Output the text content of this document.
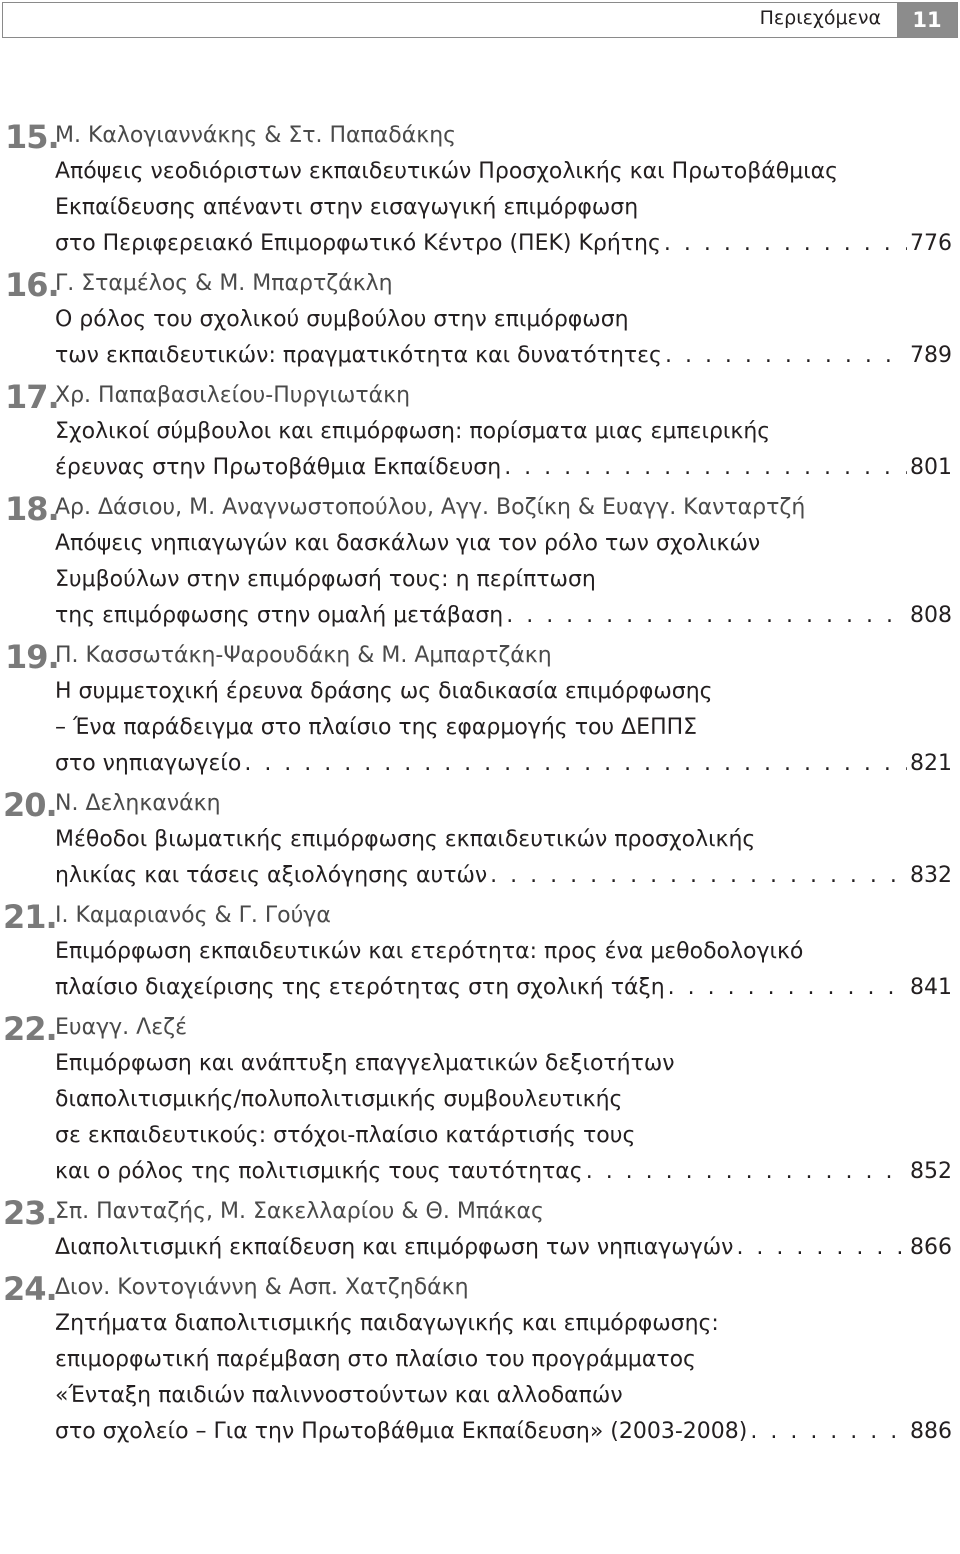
Περιεχόμενα	11
15.
Μ. Καλογιαννάκης & Στ. Παπαδάκης
Απόψεις νεοδιόριστων εκπαιδευτικών Προσχολικής και Πρωτοβάθμιας
Εκπαίδευσης απέναντι στην εισαγωγική επιμόρφωση
στο Περιφερειακό Επιμορφωτικό Κέντρο (ΠΕΚ) Κρήτης . . .	776
16.
Γ. Σταμέλος & Μ. Μπαρτζάκλη
Ο ρόλος του σχολικού συμβούλου στην επιμόρφωση
των εκπαιδευτικών: πραγματικότητα και δυνατότητες . . .	789
17.
Χρ. Παπαβασιλείου-Πυργιωτάκη
Σχολικοί σύμβουλοι και επιμόρφωση: πορίσματα μιας εμπειρικής
έρευνας στην Πρωτοβάθμια Εκπαίδευση . . .	801
18.
Αρ. Δάσιου, Μ. Αναγνωστοπούλου, Αγγ. Βοζίκη & Ευαγγ. Κανταρτζή
Απόψεις νηπιαγωγών και δασκάλων για τον ρόλο των σχολικών
Συμβούλων στην επιμόρφωσή τους: η περίπτωση
της επιμόρφωσης στην ομαλή μετάβαση . . .	808
19.
Π. Κασσωτάκη-Ψαρουδάκη & Μ. Αμπαρτζάκη
Η συμμετοχική έρευνα δράσης ως διαδικασία επιμόρφωσης
– Ένα παράδειγμα στο πλαίσιο της εφαρμογής του ΔΕΠΠΣ
στο νηπιαγωγείο . . .	821
20.
Ν. Δεληκανάκη
Μέθοδοι βιωματικής επιμόρφωσης εκπαιδευτικών προσχολικής
ηλικίας και τάσεις αξιολόγησης αυτών . . .	832
21.
Ι. Καμαριανός & Γ. Γούγα
Επιμόρφωση εκπαιδευτικών και ετερότητα: προς ένα μεθοδολογικό
πλαίσιο διαχείρισης της ετερότητας στη σχολική τάξη . . .	841
22.
Ευαγγ. Λεζέ
Επιμόρφωση και ανάπτυξη επαγγελματικών δεξιοτήτων
διαπολιτισμικής/πολυπολιτισμικής συμβουλευτικής
σε εκπαιδευτικούς: στόχοι-πλαίσιο κατάρτισής τους
και ο ρόλος της πολιτισμικής τους ταυτότητας . . .	852
23.
Σπ. Πανταζής, Μ. Σακελλαρίου & Θ. Μπάκας
Διαπολιτισμική εκπαίδευση και επιμόρφωση των νηπιαγωγών . . .	866
24.
Διον. Κοντογιάννη & Ασπ. Χατζηδάκη
Ζητήματα διαπολιτισμικής παιδαγωγικής και επιμόρφωσης:
επιμορφωτική παρέμβαση στο πλαίσιο του προγράμματος
«Ένταξη παιδιών παλιννοστούντων και αλλοδαπών
στο σχολείο – Για την Πρωτοβάθμια Εκπαίδευση» (2003-2008) . . .	886
